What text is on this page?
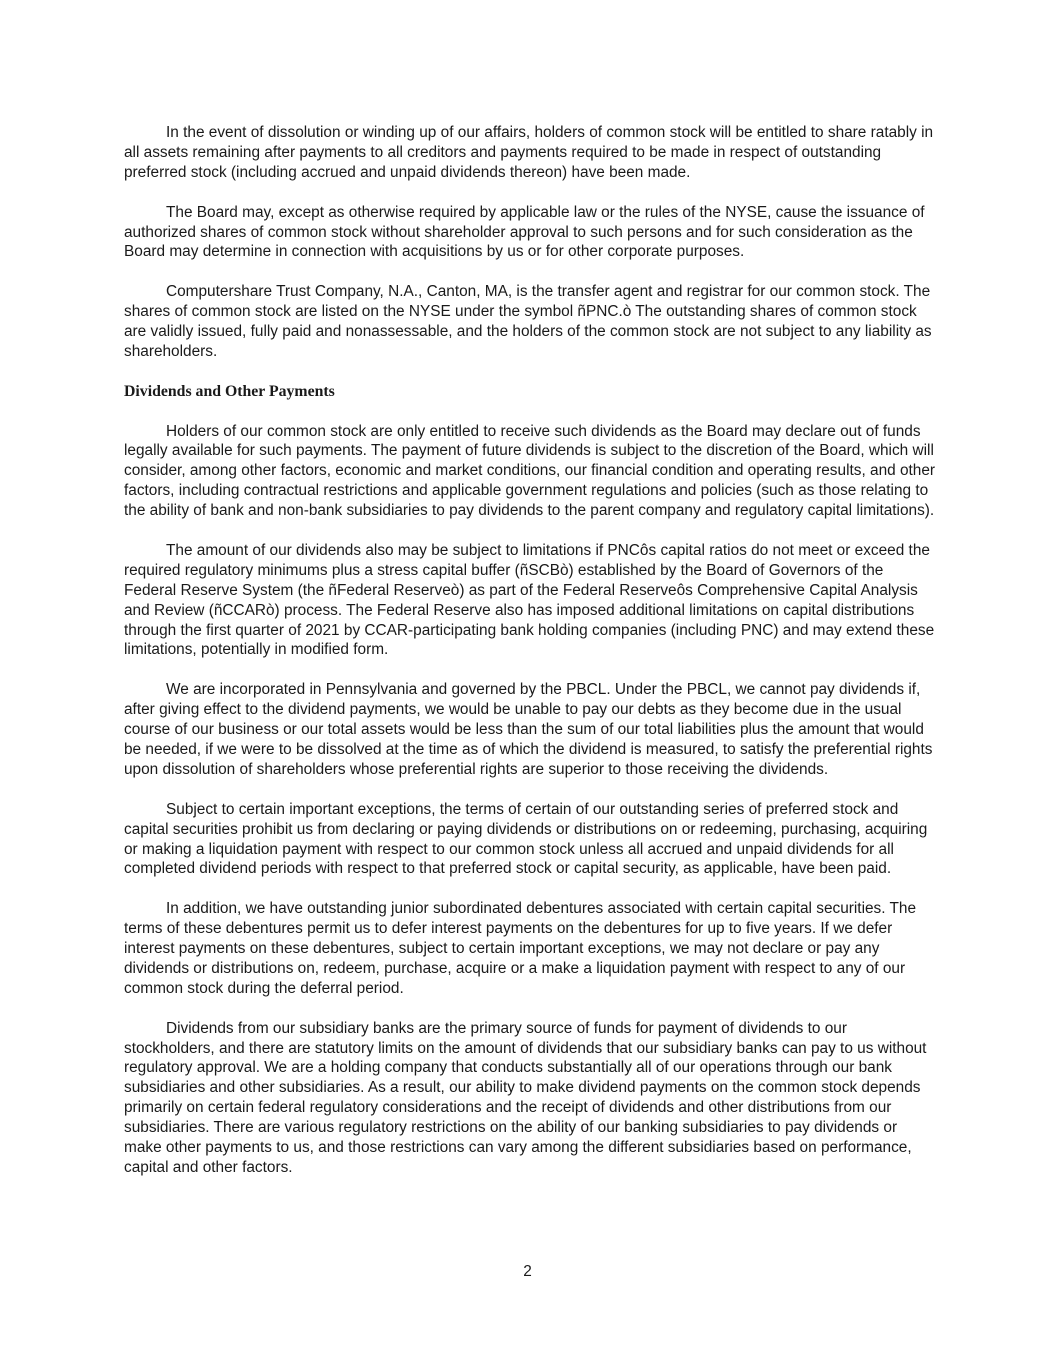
In the event of dissolution or winding up of our affairs, holders of common stock will be entitled to share ratably in all assets remaining after payments to all creditors and payments required to be made in respect of outstanding preferred stock (including accrued and unpaid dividends thereon) have been made.

The Board may, except as otherwise required by applicable law or the rules of the NYSE, cause the issuance of authorized shares of common stock without shareholder approval to such persons and for such consideration as the Board may determine in connection with acquisitions by us or for other corporate purposes.

Computershare Trust Company, N.A., Canton, MA, is the transfer agent and registrar for our common stock. The shares of common stock are listed on the NYSE under the symbol ñPNC.ò The outstanding shares of common stock are validly issued, fully paid and nonassessable, and the holders of the common stock are not subject to any liability as shareholders.

Dividends and Other Payments

Holders of our common stock are only entitled to receive such dividends as the Board may declare out of funds legally available for such payments. The payment of future dividends is subject to the discretion of the Board, which will consider, among other factors, economic and market conditions, our financial condition and operating results, and other factors, including contractual restrictions and applicable government regulations and policies (such as those relating to the ability of bank and non-bank subsidiaries to pay dividends to the parent company and regulatory capital limitations).

The amount of our dividends also may be subject to limitations if PNCôs capital ratios do not meet or exceed the required regulatory minimums plus a stress capital buffer (ñSCBò) established by the Board of Governors of the Federal Reserve System (the ñFederal Reserveò) as part of the Federal Reserveôs Comprehensive Capital Analysis and Review (ñCCARò) process. The Federal Reserve also has imposed additional limitations on capital distributions through the first quarter of 2021 by CCAR-participating bank holding companies (including PNC) and may extend these limitations, potentially in modified form.

We are incorporated in Pennsylvania and governed by the PBCL. Under the PBCL, we cannot pay dividends if, after giving effect to the dividend payments, we would be unable to pay our debts as they become due in the usual course of our business or our total assets would be less than the sum of our total liabilities plus the amount that would be needed, if we were to be dissolved at the time as of which the dividend is measured, to satisfy the preferential rights upon dissolution of shareholders whose preferential rights are superior to those receiving the dividends.

Subject to certain important exceptions, the terms of certain of our outstanding series of preferred stock and capital securities prohibit us from declaring or paying dividends or distributions on or redeeming, purchasing, acquiring or making a liquidation payment with respect to our common stock unless all accrued and unpaid dividends for all completed dividend periods with respect to that preferred stock or capital security, as applicable, have been paid.

In addition, we have outstanding junior subordinated debentures associated with certain capital securities. The terms of these debentures permit us to defer interest payments on the debentures for up to five years. If we defer interest payments on these debentures, subject to certain important exceptions, we may not declare or pay any dividends or distributions on, redeem, purchase, acquire or a make a liquidation payment with respect to any of our common stock during the deferral period.

Dividends from our subsidiary banks are the primary source of funds for payment of dividends to our stockholders, and there are statutory limits on the amount of dividends that our subsidiary banks can pay to us without regulatory approval. We are a holding company that conducts substantially all of our operations through our bank subsidiaries and other subsidiaries. As a result, our ability to make dividend payments on the common stock depends primarily on certain federal regulatory considerations and the receipt of dividends and other distributions from our subsidiaries. There are various regulatory restrictions on the ability of our banking subsidiaries to pay dividends or make other payments to us, and those restrictions can vary among the different subsidiaries based on performance, capital and other factors.

2
